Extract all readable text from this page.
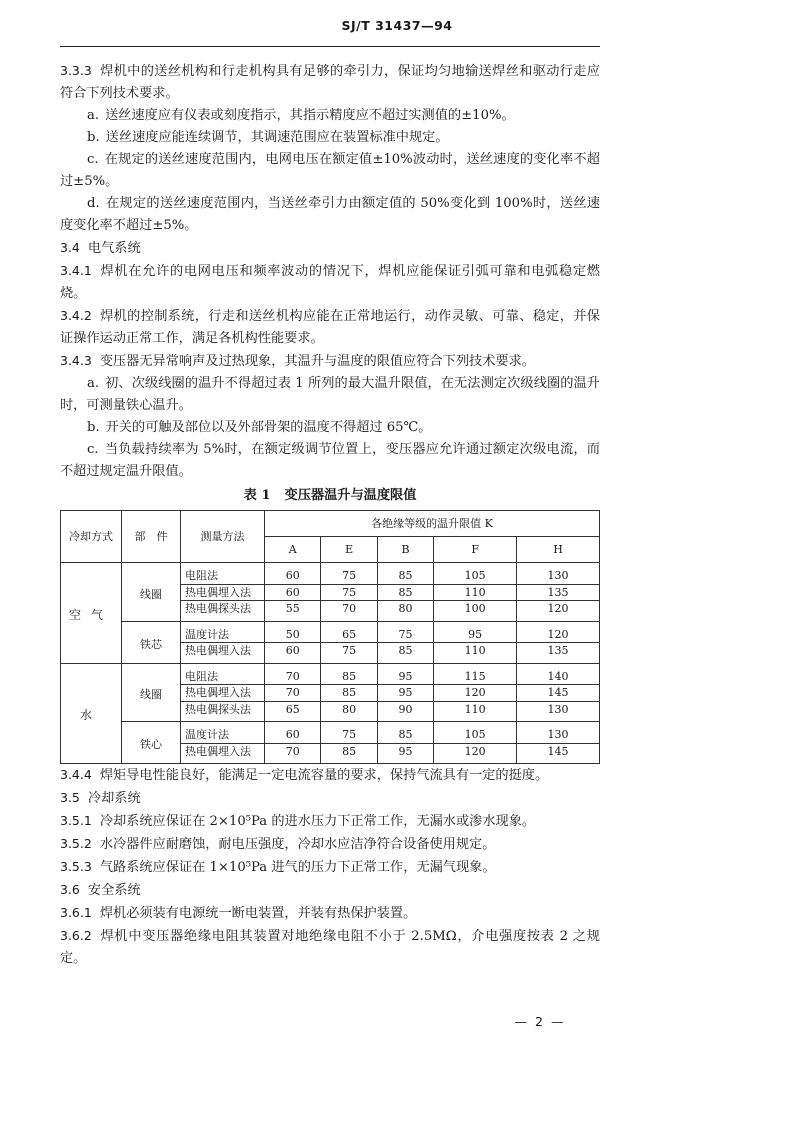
SJ/T 31437—94

3.3.3 焊机中的送丝机构和行走机构具有足够的牵引力，保证均匀地输送焊丝和驱动行走应符合下列技术要求。

a. 送丝速度应有仪表或刻度指示，其指示精度应不超过实测值的±10%。

b. 送丝速度应能连续调节，其调速范围应在装置标准中规定。

c. 在规定的送丝速度范围内，电网电压在额定值±10%波动时，送丝速度的变化率不超过±5%。

d. 在规定的送丝速度范围内，当送丝牵引力由额定值的 50%变化到 100%时，送丝速度变化率不超过±5%。

3.4 电气系统

3.4.1 焊机在允许的电网电压和频率波动的情况下，焊机应能保证引弧可靠和电弧稳定燃烧。

3.4.2 焊机的控制系统，行走和送丝机构应能在正常地运行，动作灵敏、可靠、稳定，并保证操作运动正常工作，满足各机构性能要求。

3.4.3 变压器无异常响声及过热现象，其温升与温度的限值应符合下列技术要求。

a. 初、次级线圈的温升不得超过表 1 所列的最大温升限值，在无法测定次级线圈的温升时，可测量铁心温升。

b. 开关的可触及部位以及外部骨架的温度不得超过 65℃。

c. 当负载持续率为 5%时，在额定级调节位置上，变压器应允许通过额定次级电流，而不超过规定温升限值。

表 1 变压器温升与温度限值
冷却方式	部　件	测量方法	各绝缘等级的温升限值 K				
			A	E	B	F	H
空气	线圈	电阻法	60	75	85	105	130
		热电偶埋入法	60	75	85	110	135
		热电偶探头法	55	70	80	100	120
	铁芯	温度计法	50	65	75	95	120
		热电偶埋入法	60	75	85	110	135
水	线圈	电阻法	70	85	95	115	140
		热电偶埋入法	70	85	95	120	145
		热电偶探头法	65	80	90	110	130
	铁心	温度计法	60	75	85	105	130
		热电偶埋入法	70	85	95	120	145

3.4.4 焊矩导电性能良好，能满足一定电流容量的要求，保持气流具有一定的挺度。

3.5 冷却系统

3.5.1 冷却系统应保证在 2×10⁵Pa 的进水压力下正常工作，无漏水或渗水现象。

3.5.2 水冷器件应耐磨蚀，耐电压强度，冷却水应洁净符合设备使用规定。

3.5.3 气路系统应保证在 1×10⁵Pa 进气的压力下正常工作，无漏气现象。

3.6 安全系统

3.6.1 焊机必须装有电源统一断电装置，并装有热保护装置。

3.6.2 焊机中变压器绝缘电阻其装置对地绝缘电阻不小于 2.5MΩ，介电强度按表 2 之规定。

— 2 —
